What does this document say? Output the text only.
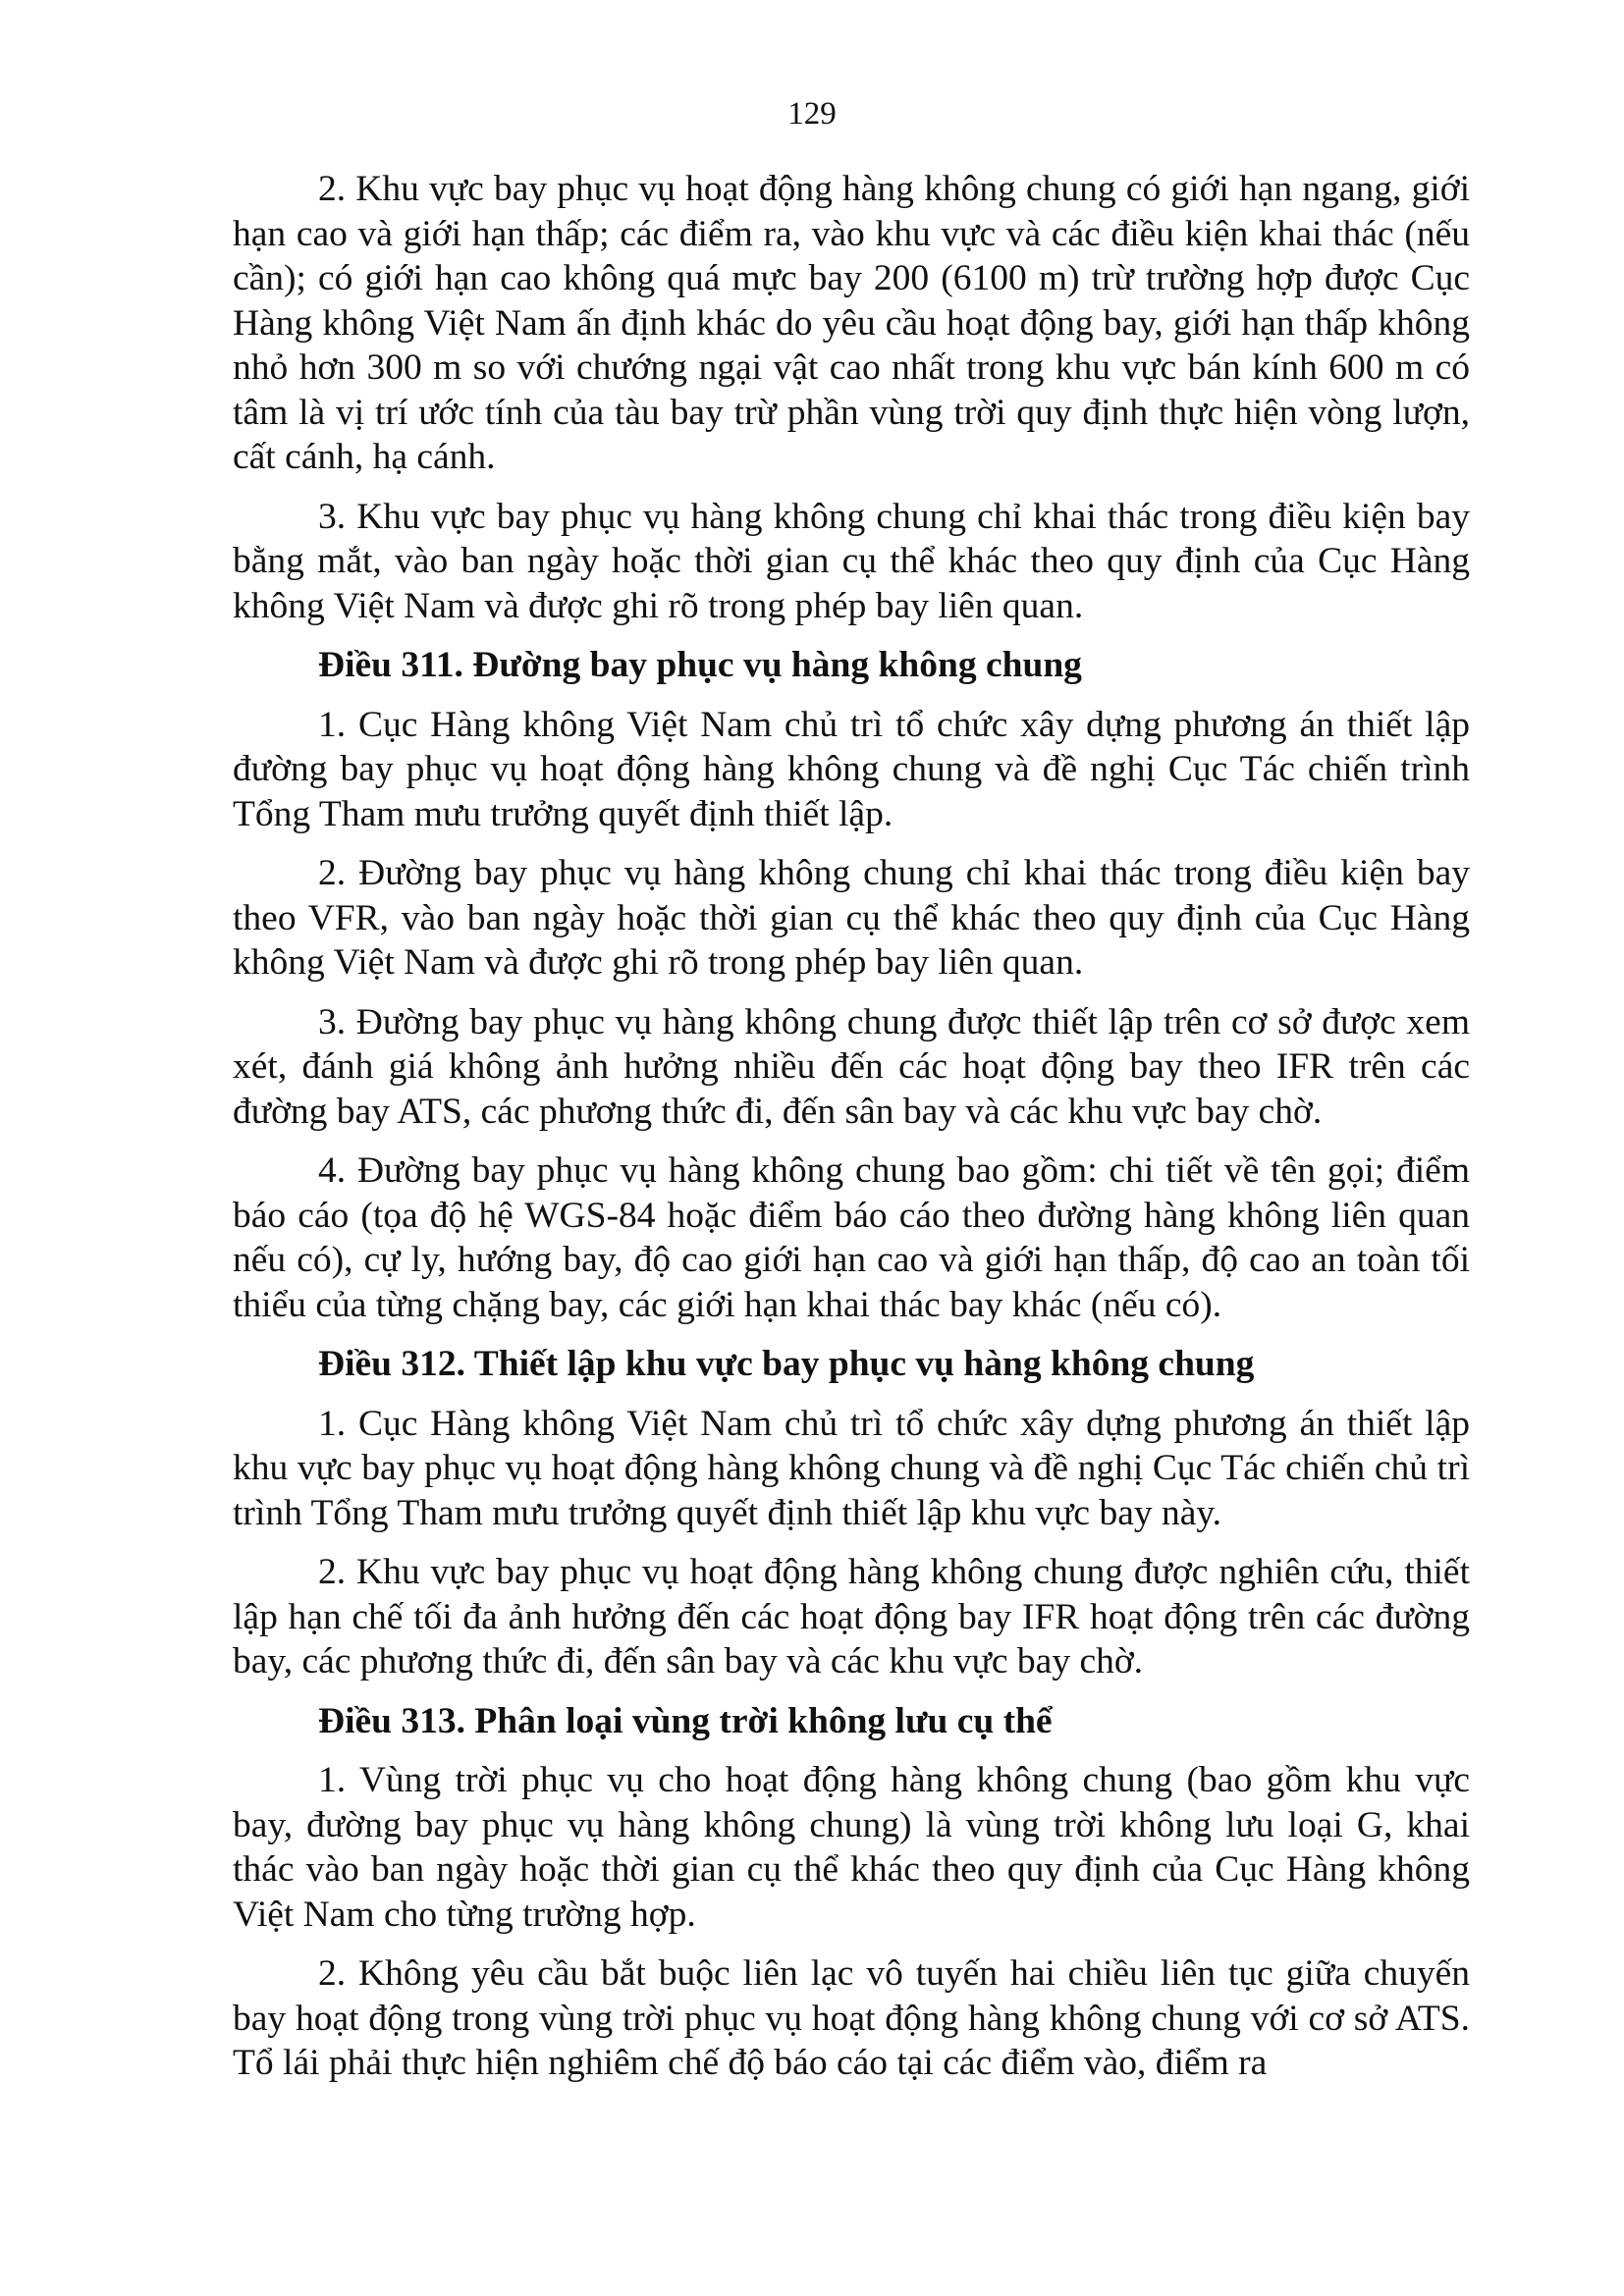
129

2. Khu vực bay phục vụ hoạt động hàng không chung có giới hạn ngang, giới hạn cao và giới hạn thấp; các điểm ra, vào khu vực và các điều kiện khai thác (nếu cần); có giới hạn cao không quá mực bay 200 (6100 m) trừ trường hợp được Cục Hàng không Việt Nam ấn định khác do yêu cầu hoạt động bay, giới hạn thấp không nhỏ hơn 300 m so với chướng ngại vật cao nhất trong khu vực bán kính 600 m có tâm là vị trí ước tính của tàu bay trừ phần vùng trời quy định thực hiện vòng lượn, cất cánh, hạ cánh.

3. Khu vực bay phục vụ hàng không chung chỉ khai thác trong điều kiện bay bằng mắt, vào ban ngày hoặc thời gian cụ thể khác theo quy định của Cục Hàng không Việt Nam và được ghi rõ trong phép bay liên quan.

Điều 311. Đường bay phục vụ hàng không chung

1. Cục Hàng không Việt Nam chủ trì tổ chức xây dựng phương án thiết lập đường bay phục vụ hoạt động hàng không chung và đề nghị Cục Tác chiến trình Tổng Tham mưu trưởng quyết định thiết lập.

2. Đường bay phục vụ hàng không chung chỉ khai thác trong điều kiện bay theo VFR, vào ban ngày hoặc thời gian cụ thể khác theo quy định của Cục Hàng không Việt Nam và được ghi rõ trong phép bay liên quan.

3. Đường bay phục vụ hàng không chung được thiết lập trên cơ sở được xem xét, đánh giá không ảnh hưởng nhiều đến các hoạt động bay theo IFR trên các đường bay ATS, các phương thức đi, đến sân bay và các khu vực bay chờ.

4. Đường bay phục vụ hàng không chung bao gồm: chi tiết về tên gọi; điểm báo cáo (tọa độ hệ WGS-84 hoặc điểm báo cáo theo đường hàng không liên quan nếu có), cự ly, hướng bay, độ cao giới hạn cao và giới hạn thấp, độ cao an toàn tối thiểu của từng chặng bay, các giới hạn khai thác bay khác (nếu có).

Điều 312. Thiết lập khu vực bay phục vụ hàng không chung

1. Cục Hàng không Việt Nam chủ trì tổ chức xây dựng phương án thiết lập khu vực bay phục vụ hoạt động hàng không chung và đề nghị Cục Tác chiến chủ trì trình Tổng Tham mưu trưởng quyết định thiết lập khu vực bay này.

2. Khu vực bay phục vụ hoạt động hàng không chung được nghiên cứu, thiết lập hạn chế tối đa ảnh hưởng đến các hoạt động bay IFR hoạt động trên các đường bay, các phương thức đi, đến sân bay và các khu vực bay chờ.

Điều 313. Phân loại vùng trời không lưu cụ thể

1. Vùng trời phục vụ cho hoạt động hàng không chung (bao gồm khu vực bay, đường bay phục vụ hàng không chung) là vùng trời không lưu loại G, khai thác vào ban ngày hoặc thời gian cụ thể khác theo quy định của Cục Hàng không Việt Nam cho từng trường hợp.

2. Không yêu cầu bắt buộc liên lạc vô tuyến hai chiều liên tục giữa chuyến bay hoạt động trong vùng trời phục vụ hoạt động hàng không chung với cơ sở ATS. Tổ lái phải thực hiện nghiêm chế độ báo cáo tại các điểm vào, điểm ra
